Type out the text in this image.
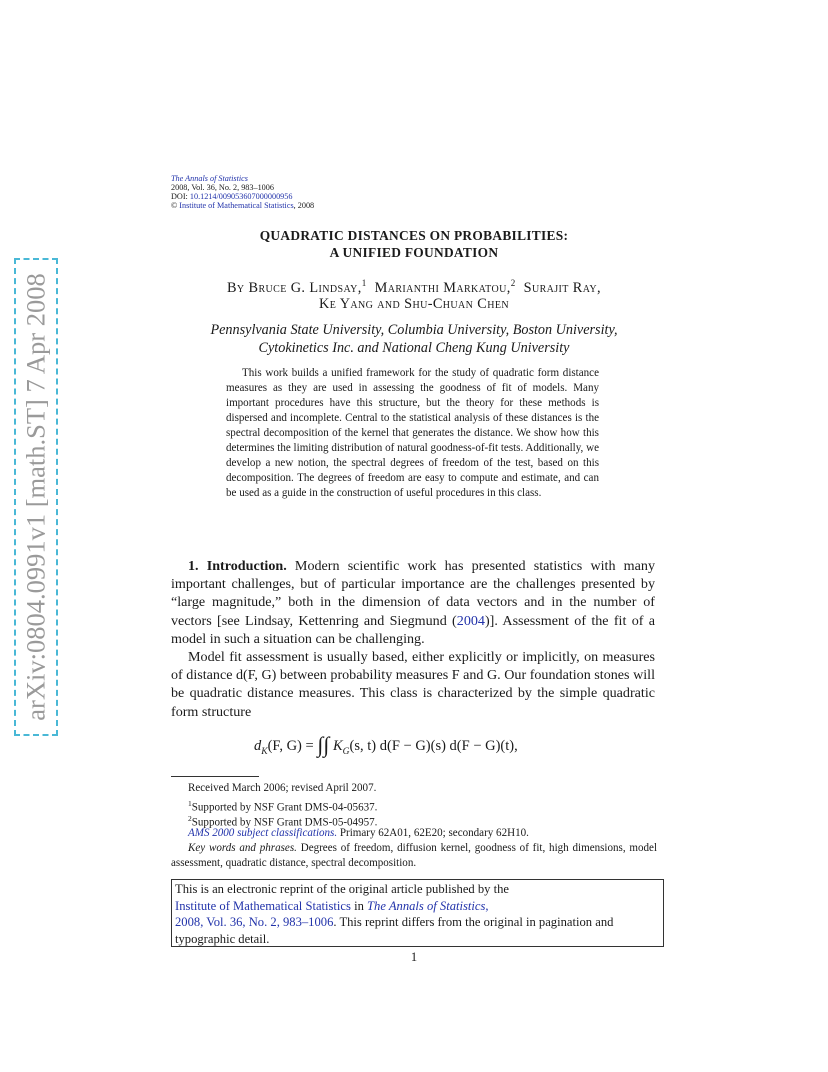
arXiv:0804.0991v1 [math.ST] 7 Apr 2008
The Annals of Statistics
2008, Vol. 36, No. 2, 983–1006
DOI: 10.1214/009053607000000956
© Institute of Mathematical Statistics, 2008
QUADRATIC DISTANCES ON PROBABILITIES:
A UNIFIED FOUNDATION
By Bruce G. Lindsay,$^1$ Marianthi Markatou,$^2$ Surajit Ray,
Ke Yang and Shu-Chuan Chen
Pennsylvania State University, Columbia University, Boston University,
Cytokinetics Inc. and National Cheng Kung University

This work builds a unified framework for the study of quadratic form distance measures as they are used in assessing the goodness of fit of models. Many important procedures have this structure, but the theory for these methods is dispersed and incomplete. Central to the statistical analysis of these distances is the spectral decomposition of the kernel that generates the distance. We show how this determines the limiting distribution of natural goodness-of-fit tests. Additionally, we develop a new notion, the spectral degrees of freedom of the test, based on this decomposition. The degrees of freedom are easy to compute and estimate, and can be used as a guide in the construction of useful procedures in this class.

1. Introduction. Modern scientific work has presented statistics with many important challenges, but of particular importance are the challenges presented by “large magnitude,” both in the dimension of data vectors and in the number of vectors [see Lindsay, Kettenring and Siegmund (2004)]. Assessment of the fit of a model in such a situation can be challenging.

Model fit assessment is usually based, either explicitly or implicitly, on measures of distance d(F, G) between probability measures F and G. Our foundation stones will be quadratic distance measures. This class is characterized by the simple quadratic form structure

$d_K(F$, G) = ∫∫ $K_G(s$, t) d(F − G)(s) d(F − G)(t),
Received March 2006; revised April 2007.
$^1$Supported by NSF Grant DMS-04-05637.
$^2$Supported by NSF Grant DMS-05-04957.
AMS 2000 subject classifications. Primary 62A01, 62E20; secondary 62H10.
Key words and phrases. Degrees of freedom, diffusion kernel, goodness of fit, high dimensions, model assessment, quadratic distance, spectral decomposition.
This is an electronic reprint of the original article published by the
Institute of Mathematical Statistics in The Annals of Statistics,
2008, Vol. 36, No. 2, 983–1006. This reprint differs from the original in pagination and typographic detail.
1
